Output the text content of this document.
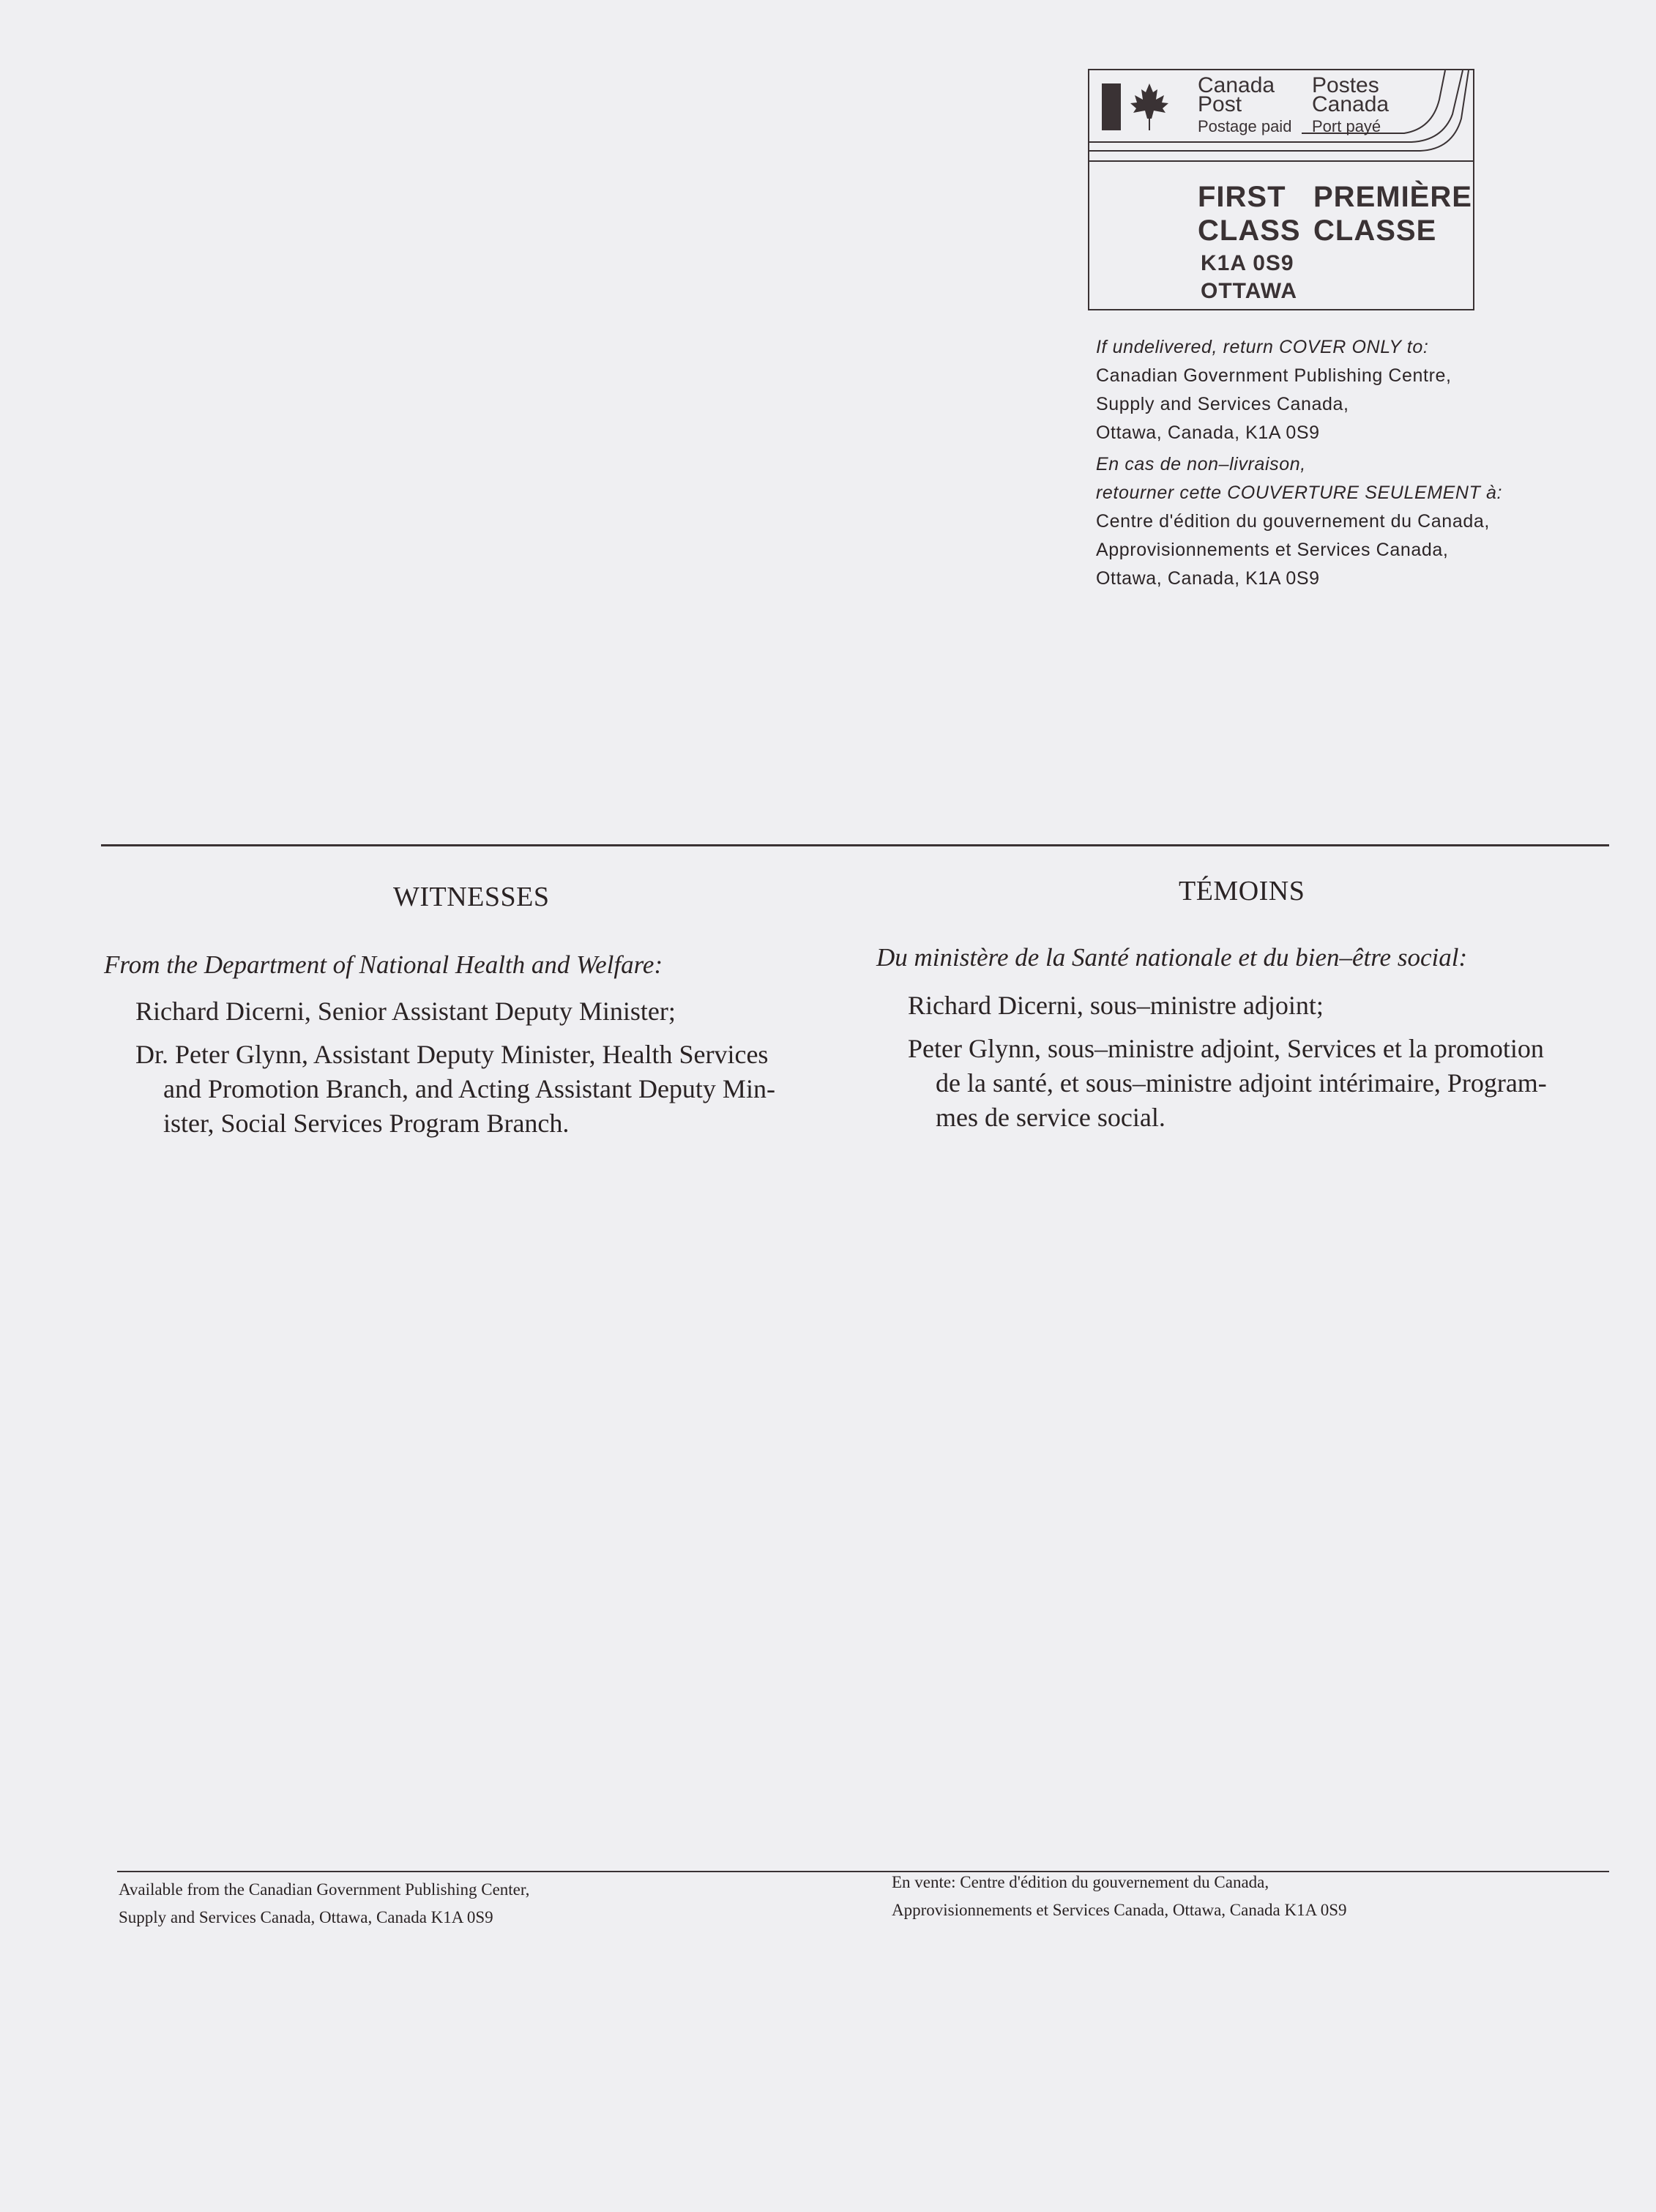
Canada Postes
Post	Canada
Postage paid Port payé
FIRST PREMIÈRE
CLASS CLASSE
K1A 0S9
OTTAWA
If undelivered, return COVER ONLY to:
Canadian Government Publishing Centre,
Supply and Services Canada,
Ottawa, Canada, K1A 0S9
En cas de non–livraison,
retourner cette COUVERTURE SEULEMENT à:
Centre d'édition du gouvernement du Canada,
Approvisionnements et Services Canada,
Ottawa, Canada, K1A 0S9
WITNESSES
From the Department of National Health and Welfare:
Richard Dicerni, Senior Assistant Deputy Minister;
Dr. Peter Glynn, Assistant Deputy Minister, Health Services
and Promotion Branch, and Acting Assistant Deputy Min-
ister, Social Services Program Branch.
TÉMOINS
Du ministère de la Santé nationale et du bien–être social:
Richard Dicerni, sous–ministre adjoint;
Peter Glynn, sous–ministre adjoint, Services et la promotion
de la santé, et sous–ministre adjoint intérimaire, Program-
mes de service social.
Available from the Canadian Government Publishing Center,
Supply and Services Canada, Ottawa, Canada K1A 0S9
En vente: Centre d'édition du gouvernement du Canada,
Approvisionnements et Services Canada, Ottawa, Canada K1A 0S9
